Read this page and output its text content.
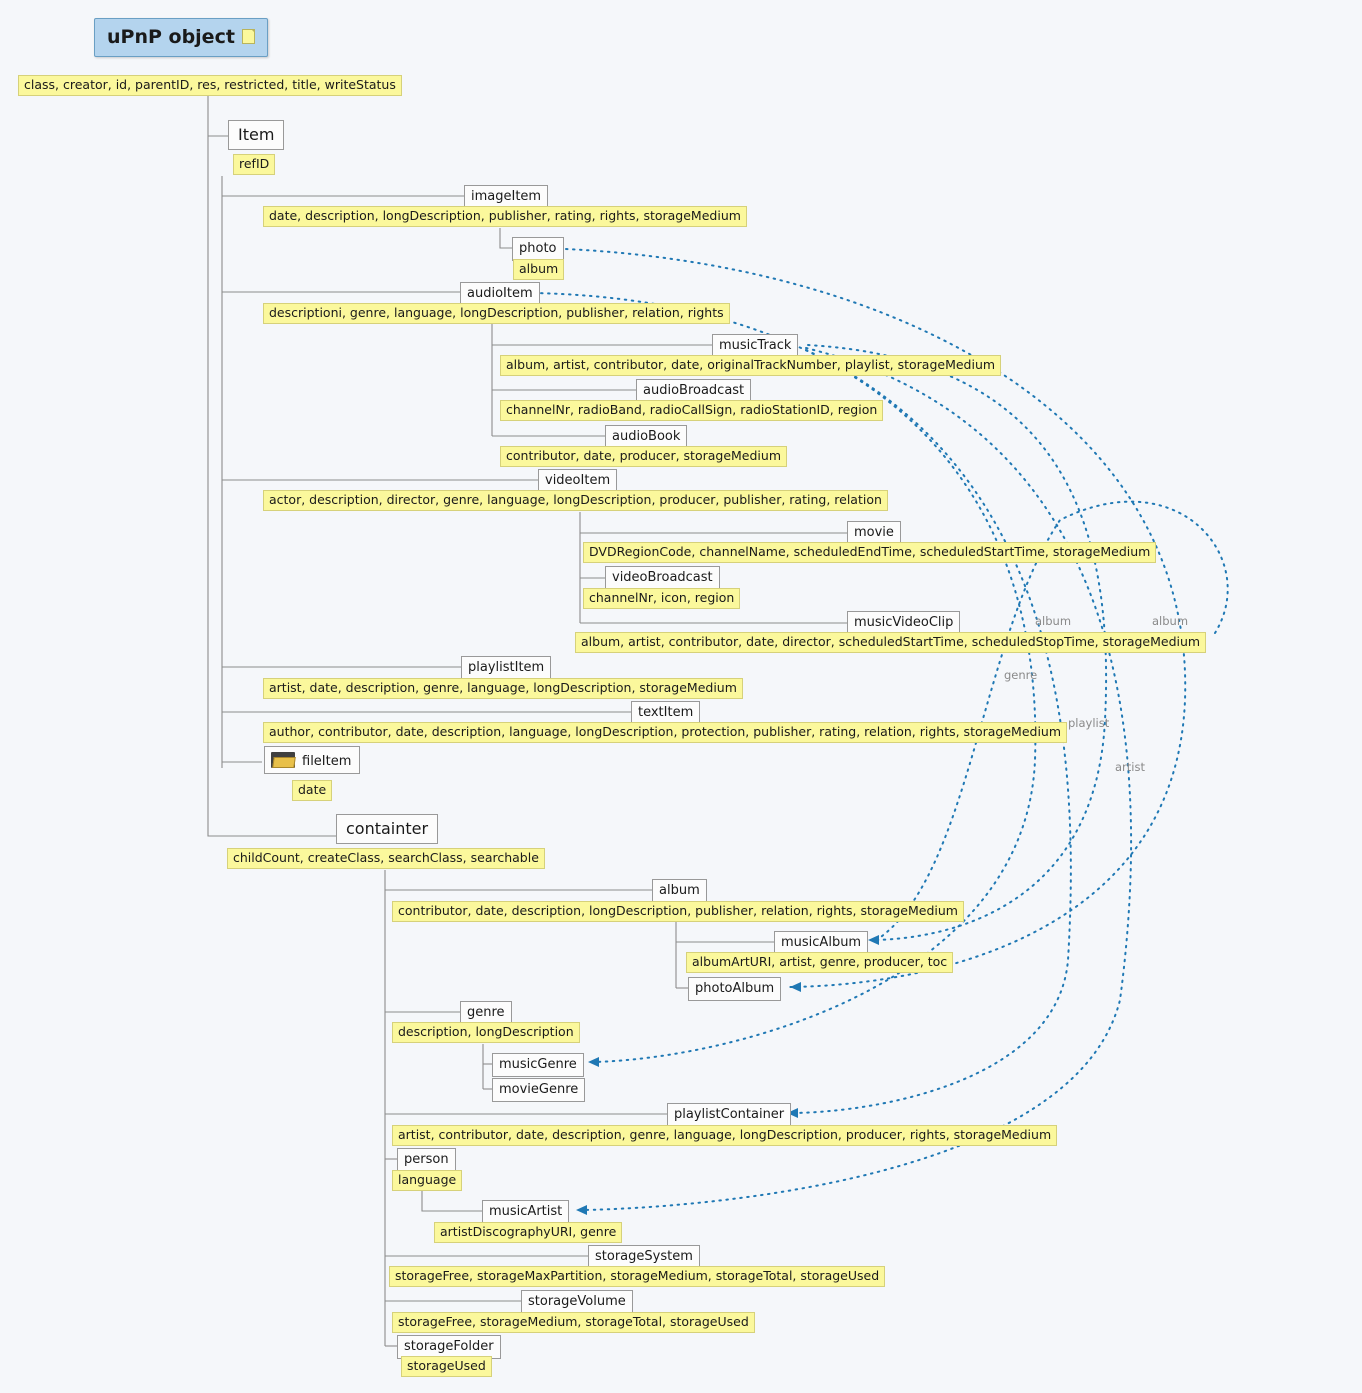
uPnP object
class, creator, id, parentID, res, restricted, title, writeStatus
Item
refID
imageItem
date, description, longDescription, publisher, rating, rights, storageMedium
photo
album
audioItem
descriptioni, genre, language, longDescription, publisher, relation, rights
musicTrack
album, artist, contributor, date, originalTrackNumber, playlist, storageMedium
audioBroadcast
channelNr, radioBand, radioCallSign, radioStationID, region
audioBook
contributor, date, producer, storageMedium
videoItem
actor, description, director, genre, language, longDescription, producer, publisher, rating, relation
movie
DVDRegionCode, channelName, scheduledEndTime, scheduledStartTime, storageMedium
videoBroadcast
channelNr, icon, region
musicVideoClip
album, artist, contributor, date, director, scheduledStartTime, scheduledStopTime, storageMedium
playlistItem
artist, date, description, genre, language, longDescription, storageMedium
textItem
author, contributor, date, description, language, longDescription, protection, publisher, rating, relation, rights, storageMedium
fileItem
date
containter
childCount, createClass, searchClass, searchable
album
contributor, date, description, longDescription, publisher, relation, rights, storageMedium
musicAlbum
albumArtURI, artist, genre, producer, toc
photoAlbum
genre
description, longDescription
musicGenre
movieGenre
playlistContainer
artist, contributor, date, description, genre, language, longDescription, producer, rights, storageMedium
person
language
musicArtist
artistDiscographyURI, genre
storageSystem
storageFree, storageMaxPartition, storageMedium, storageTotal, storageUsed
storageVolume
storageFree, storageMedium, storageTotal, storageUsed
storageFolder
storageUsed
album	album
genre
playlist
artist
